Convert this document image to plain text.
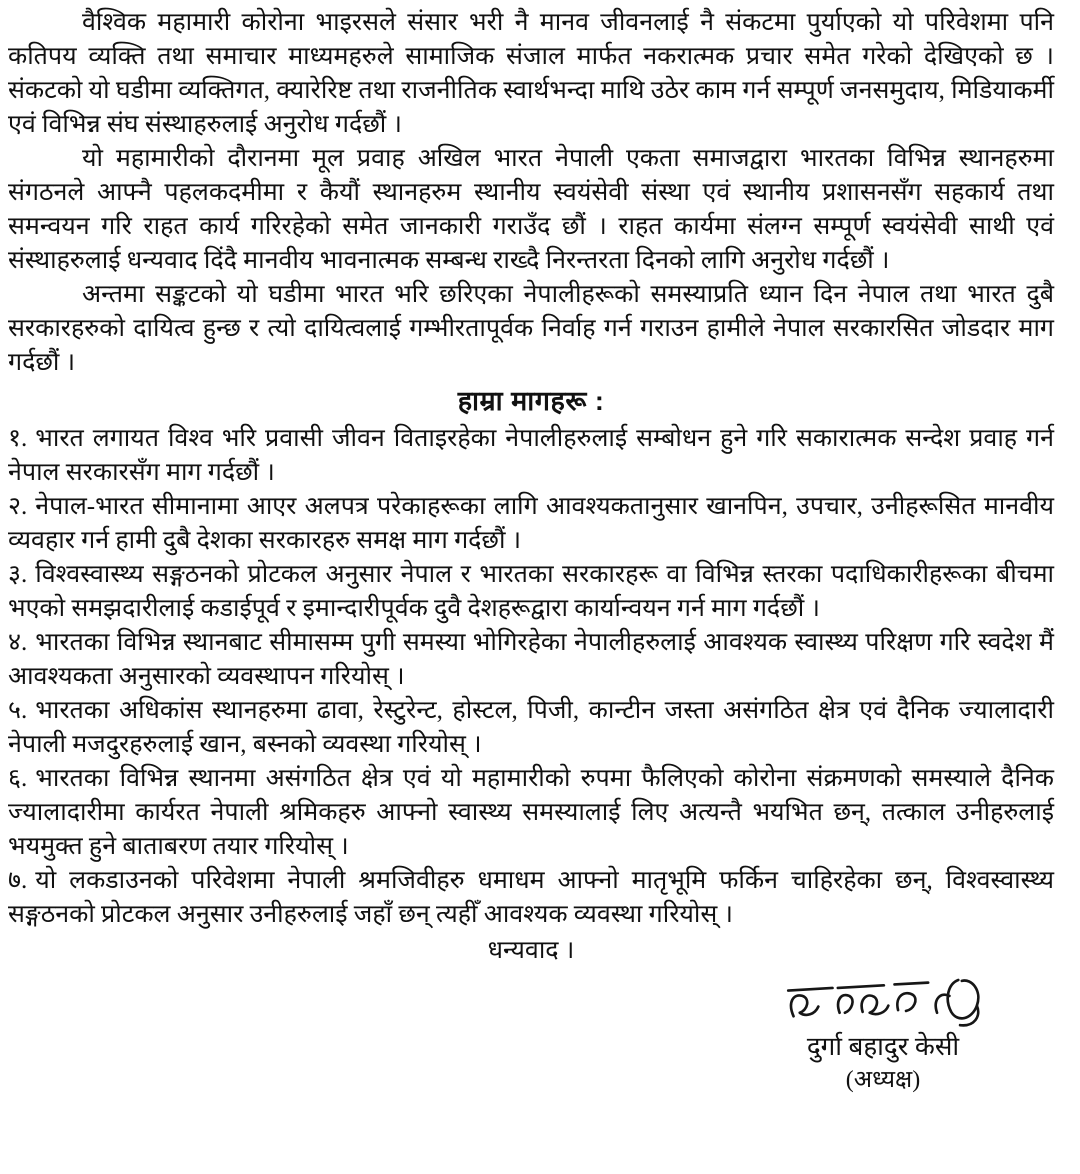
वैश्विक महामारी कोरोना भाइरसले संसार भरी नै मानव जीवनलाई नै संकटमा पुर्याएको यो परिवेशमा पनि कतिपय व्यक्ति तथा समाचार माध्यमहरुले सामाजिक संजाल मार्फत नकरात्मक प्रचार समेत गरेको देखिएको छ । संकटको यो घडीमा व्यक्तिगत, क्यारेरिष्ट तथा राजनीतिक स्वार्थभन्दा माथि उठेर काम गर्न सम्पूर्ण जनसमुदाय, मिडियाकर्मी एवं विभिन्न संघ संस्थाहरुलाई अनुरोध गर्दछौं ।

यो महामारीको दौरानमा मूल प्रवाह अखिल भारत नेपाली एकता समाजद्वारा भारतका विभिन्न स्थानहरुमा संगठनले आफ्नै पहलकदमीमा र कैयौं स्थानहरुम स्थानीय स्वयंसेवी संस्था एवं स्थानीय प्रशासनसँग सहकार्य तथा समन्वयन गरि राहत कार्य गरिरहेको समेत जानकारी गराउँद छौं । राहत कार्यमा संलग्न सम्पूर्ण स्वयंसेवी साथी एवं संस्थाहरुलाई धन्यवाद दिंदै मानवीय भावनात्मक सम्बन्ध राख्दै निरन्तरता दिनको लागि अनुरोध गर्दछौं ।

अन्तमा सङ्कटको यो घडीमा भारत भरि छरिएका नेपालीहरूको समस्याप्रति ध्यान दिन नेपाल तथा भारत दुबै सरकारहरुको दायित्व हुन्छ र त्यो दायित्वलाई गम्भीरतापूर्वक निर्वाह गर्न गराउन हामीले नेपाल सरकारसित जोडदार माग गर्दछौं ।

हाम्रा मागहरू :

१. भारत लगायत विश्व भरि प्रवासी जीवन विताइरहेका नेपालीहरुलाई सम्बोधन हुने गरि सकारात्मक सन्देश प्रवाह गर्न नेपाल सरकारसँग माग गर्दछौं ।

२. नेपाल-भारत सीमानामा आएर अलपत्र परेकाहरूका लागि आवश्यकतानुसार खानपिन, उपचार, उनीहरूसित मानवीय व्यवहार गर्न हामी दुबै देशका सरकारहरु समक्ष माग गर्दछौं ।

३. विश्वस्वास्थ्य सङ्गठनको प्रोटकल अनुसार नेपाल र भारतका सरकारहरू वा विभिन्न स्तरका पदाधिकारीहरूका बीचमा भएको समझदारीलाई कडाईपूर्व र इमान्दारीपूर्वक दुवै देशहरूद्वारा कार्यान्वयन गर्न माग गर्दछौं ।

४. भारतका विभिन्न स्थानबाट सीमासम्म पुगी समस्या भोगिरहेका नेपालीहरुलाई आवश्यक स्वास्थ्य परिक्षण गरि स्वदेश मैं आवश्यकता अनुसारको व्यवस्थापन गरियोस् ।

५. भारतका अधिकांस स्थानहरुमा ढावा, रेस्टुरेन्ट, होस्टल, पिजी, कान्टीन जस्ता असंगठित क्षेत्र एवं दैनिक ज्यालादारी नेपाली मजदुरहरुलाई खान, बस्नको व्यवस्था गरियोस् ।

६. भारतका विभिन्न स्थानमा असंगठित क्षेत्र एवं यो महामारीको रुपमा फैलिएको कोरोना संक्रमणको समस्याले दैनिक ज्यालादारीमा कार्यरत नेपाली श्रमिकहरु आफ्नो स्वास्थ्य समस्यालाई लिए अत्यन्तै भयभित छन्, तत्काल उनीहरुलाई भयमुक्त हुने बाताबरण तयार गरियोस् ।

७. यो लकडाउनको परिवेशमा नेपाली श्रमजिवीहरु धमाधम आफ्नो मातृभूमि फर्किन चाहिरहेका छन्, विश्वस्वास्थ्य सङ्गठनको प्रोटकल अनुसार उनीहरुलाई जहाँ छन् त्यहीँ आवश्यक व्यवस्था गरियोस् ।

धन्यवाद ।

दुर्गा बहादुर केसी
(अध्यक्ष)
